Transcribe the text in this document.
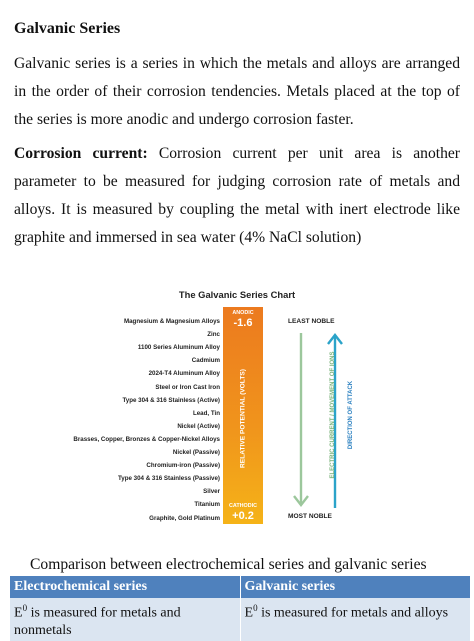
Galvanic Series

Galvanic series is a series in which the metals and alloys are arranged in the order of their corrosion tendencies. Metals placed at the top of the series is more anodic and undergo corrosion faster.

Corrosion current: Corrosion current per unit area is another parameter to be measured for judging corrosion rate of metals and alloys. It is measured by coupling the metal with inert electrode like graphite and immersed in sea water (4% NaCl solution)

The Galvanic Series Chart
Magnesium & Magnesium Alloys
Zinc
1100 Series Aluminum Alloy
Cadmium
2024-T4 Aluminum Alloy
Steel or Iron Cast Iron
Type 304 & 316 Stainless (Active)
Lead, Tin
Nickel (Active)
Brasses, Copper, Bronzes & Copper-Nickel Alloys
Nickel (Passive)
Chromium-iron (Passive)
Type 304 & 316 Stainless (Passive)
Silver
Titanium
Graphite, Gold Platinum
ANODIC
-1.6
RELATIVE POTENTIAL (VOLTS)
CATHODIC
+0.2
LEAST NOBLE
MOST NOBLE
ELECTRIC CURRENT / MOVEMENT OF IONS DIRECTION OF ATTACK

Comparison between electrochemical series and galvanic series

Electrochemical series	Galvanic series
$E^0$ is measured for metals and nonmetals	$E^0$ is measured for metals and alloys
